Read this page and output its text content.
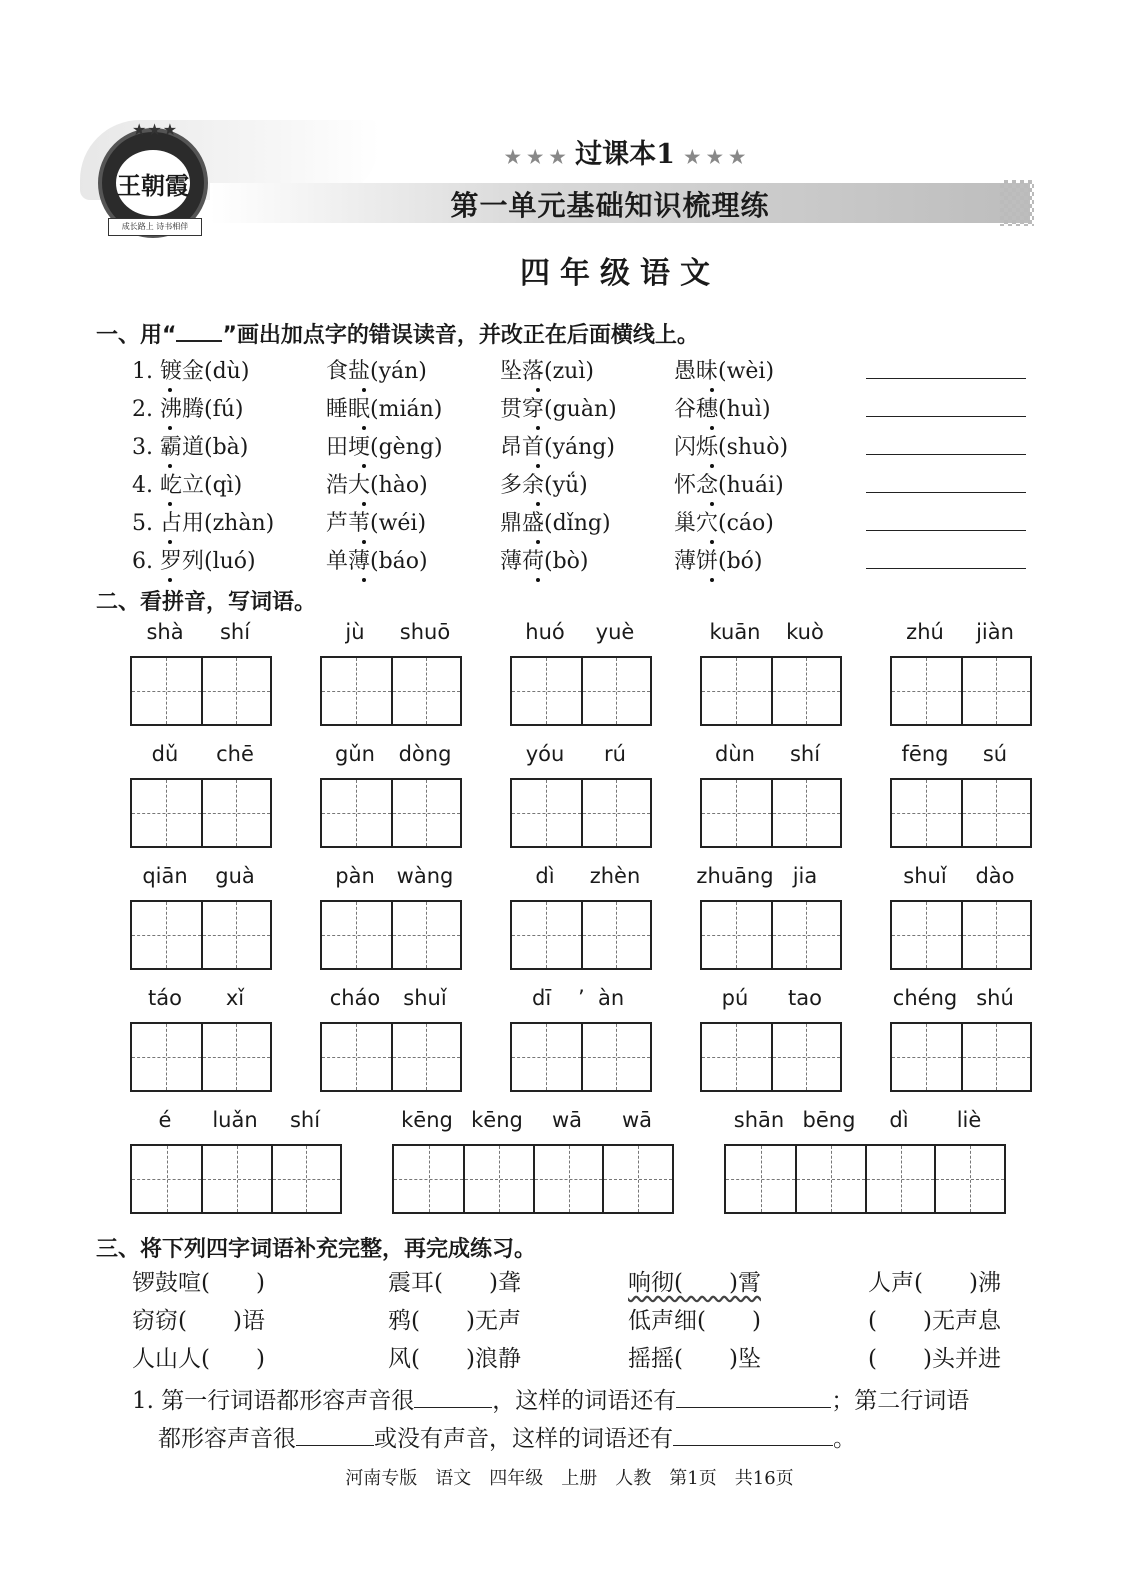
★★★
王朝霞
成长路上 诗书相伴
★ ★ ★ 过课本1 ★ ★ ★
第一单元基础知识梳理练
四年级语文
一、用“ ”画出加点字的错误读音，并改正在后面横线上。
1. 镀金(dù)	食盐(yán)	坠落(zuì)	愚昧(wèi)
2. 沸腾(fú)	睡眠(mián)	贯穿(guàn)	谷穗(huì)
3. 霸道(bà)	田埂(gèng)	昂首(yáng)	闪烁(shuò)
4. 屹立(qì)	浩大(hào)	多余(yǘ)	怀念(huái)
5. 占用(zhàn) 芦苇(wéi)	鼎盛(dǐng)	巢穴(cáo)
6. 罗列(luó)	单薄(báo)	薄荷(bò)	薄饼(bó)
二、看拼音，写词语。
shà shí	jù shuō	huó yuè	kuān kuò	zhú jiàn
dǔ chē	gǔn dòng	yóu rú	dùn shí	fēng sú
qiān guà	pàn wàng	dì zhèn	zhuāng jia	shuǐ dào
táo xǐ	cháo shuǐ	dī ’ àn	pú tao	chéng shú
é luǎn shí	kēng kēng wā wā	shān bēng dì liè
三、将下列四字词语补充完整，再完成练习。
锣鼓喧(　　)	震耳(　　)聋	响彻(　　)霄	人声(　　)沸
窃窃(　　)语	鸦(　　)无声	低声细(　　)	(　　)无声息
人山人(　　)	风(　　)浪静	摇摇(　　)坠	(　　)头并进
1. 第一行词语都形容声音很	，这样的词语还有	；第二行词语
都形容声音很	或没有声音，这样的词语还有	。
河南专版　语文　四年级　上册　人教　第1页　共16页
